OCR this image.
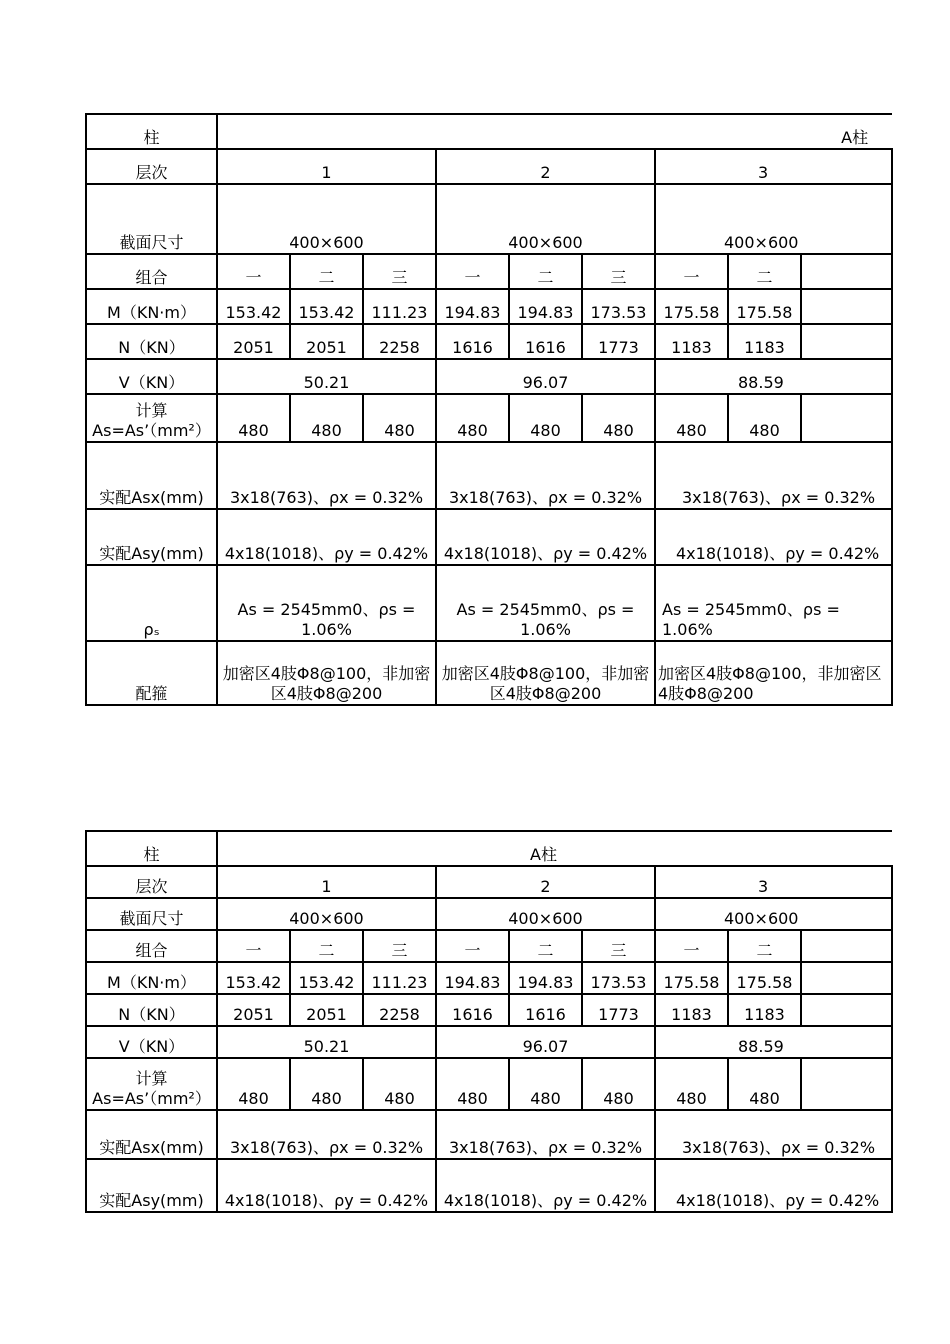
柱	A柱								
层次	1			2			3		
截面尺寸	400×600			400×600			400×600		
组合	一	二	三	一	二	三	一	二	
M（KN·m）	153.42	153.42	111.23	194.83	194.83	173.53	175.58	175.58	
N（KN）	2051	2051	2258	1616	1616	1773	1183	1183	
V（KN）	50.21			96.07			88.59		
计算As=As’（mm²）	480	480	480	480	480	480	480	480	
实配Asx(mm)	3ⅹ18(763)、ρx = 0.32%			3ⅹ18(763)、ρx = 0.32%			3ⅹ18(763)、ρx = 0.32%		
实配Asy(mm)	4ⅹ18(1018)、ρy = 0.42%			4ⅹ18(1018)、ρy = 0.42%			4ⅹ18(1018)、ρy = 0.42%		
ρₛ	As = 2545mm0、ρs = 1.06%			As = 2545mm0、ρs = 1.06%			As = 2545mm0、ρs = 1.06%		
配箍	加密区4肢Φ8@100，非加密区4肢Φ8@200			加密区4肢Φ8@100，非加密区4肢Φ8@200			加密区4肢Φ8@100，非加密区4肢Φ8@200		
柱	A柱								
层次	1			2			3		
截面尺寸	400×600			400×600			400×600		
组合	一	二	三	一	二	三	一	二	
M（KN·m）	153.42	153.42	111.23	194.83	194.83	173.53	175.58	175.58	
N（KN）	2051	2051	2258	1616	1616	1773	1183	1183	
V（KN）	50.21			96.07			88.59		
计算As=As’（mm²）	480	480	480	480	480	480	480	480	
实配Asx(mm)	3ⅹ18(763)、ρx = 0.32%			3ⅹ18(763)、ρx = 0.32%			3ⅹ18(763)、ρx = 0.32%		
实配Asy(mm)	4ⅹ18(1018)、ρy = 0.42%			4ⅹ18(1018)、ρy = 0.42%			4ⅹ18(1018)、ρy = 0.42%		
